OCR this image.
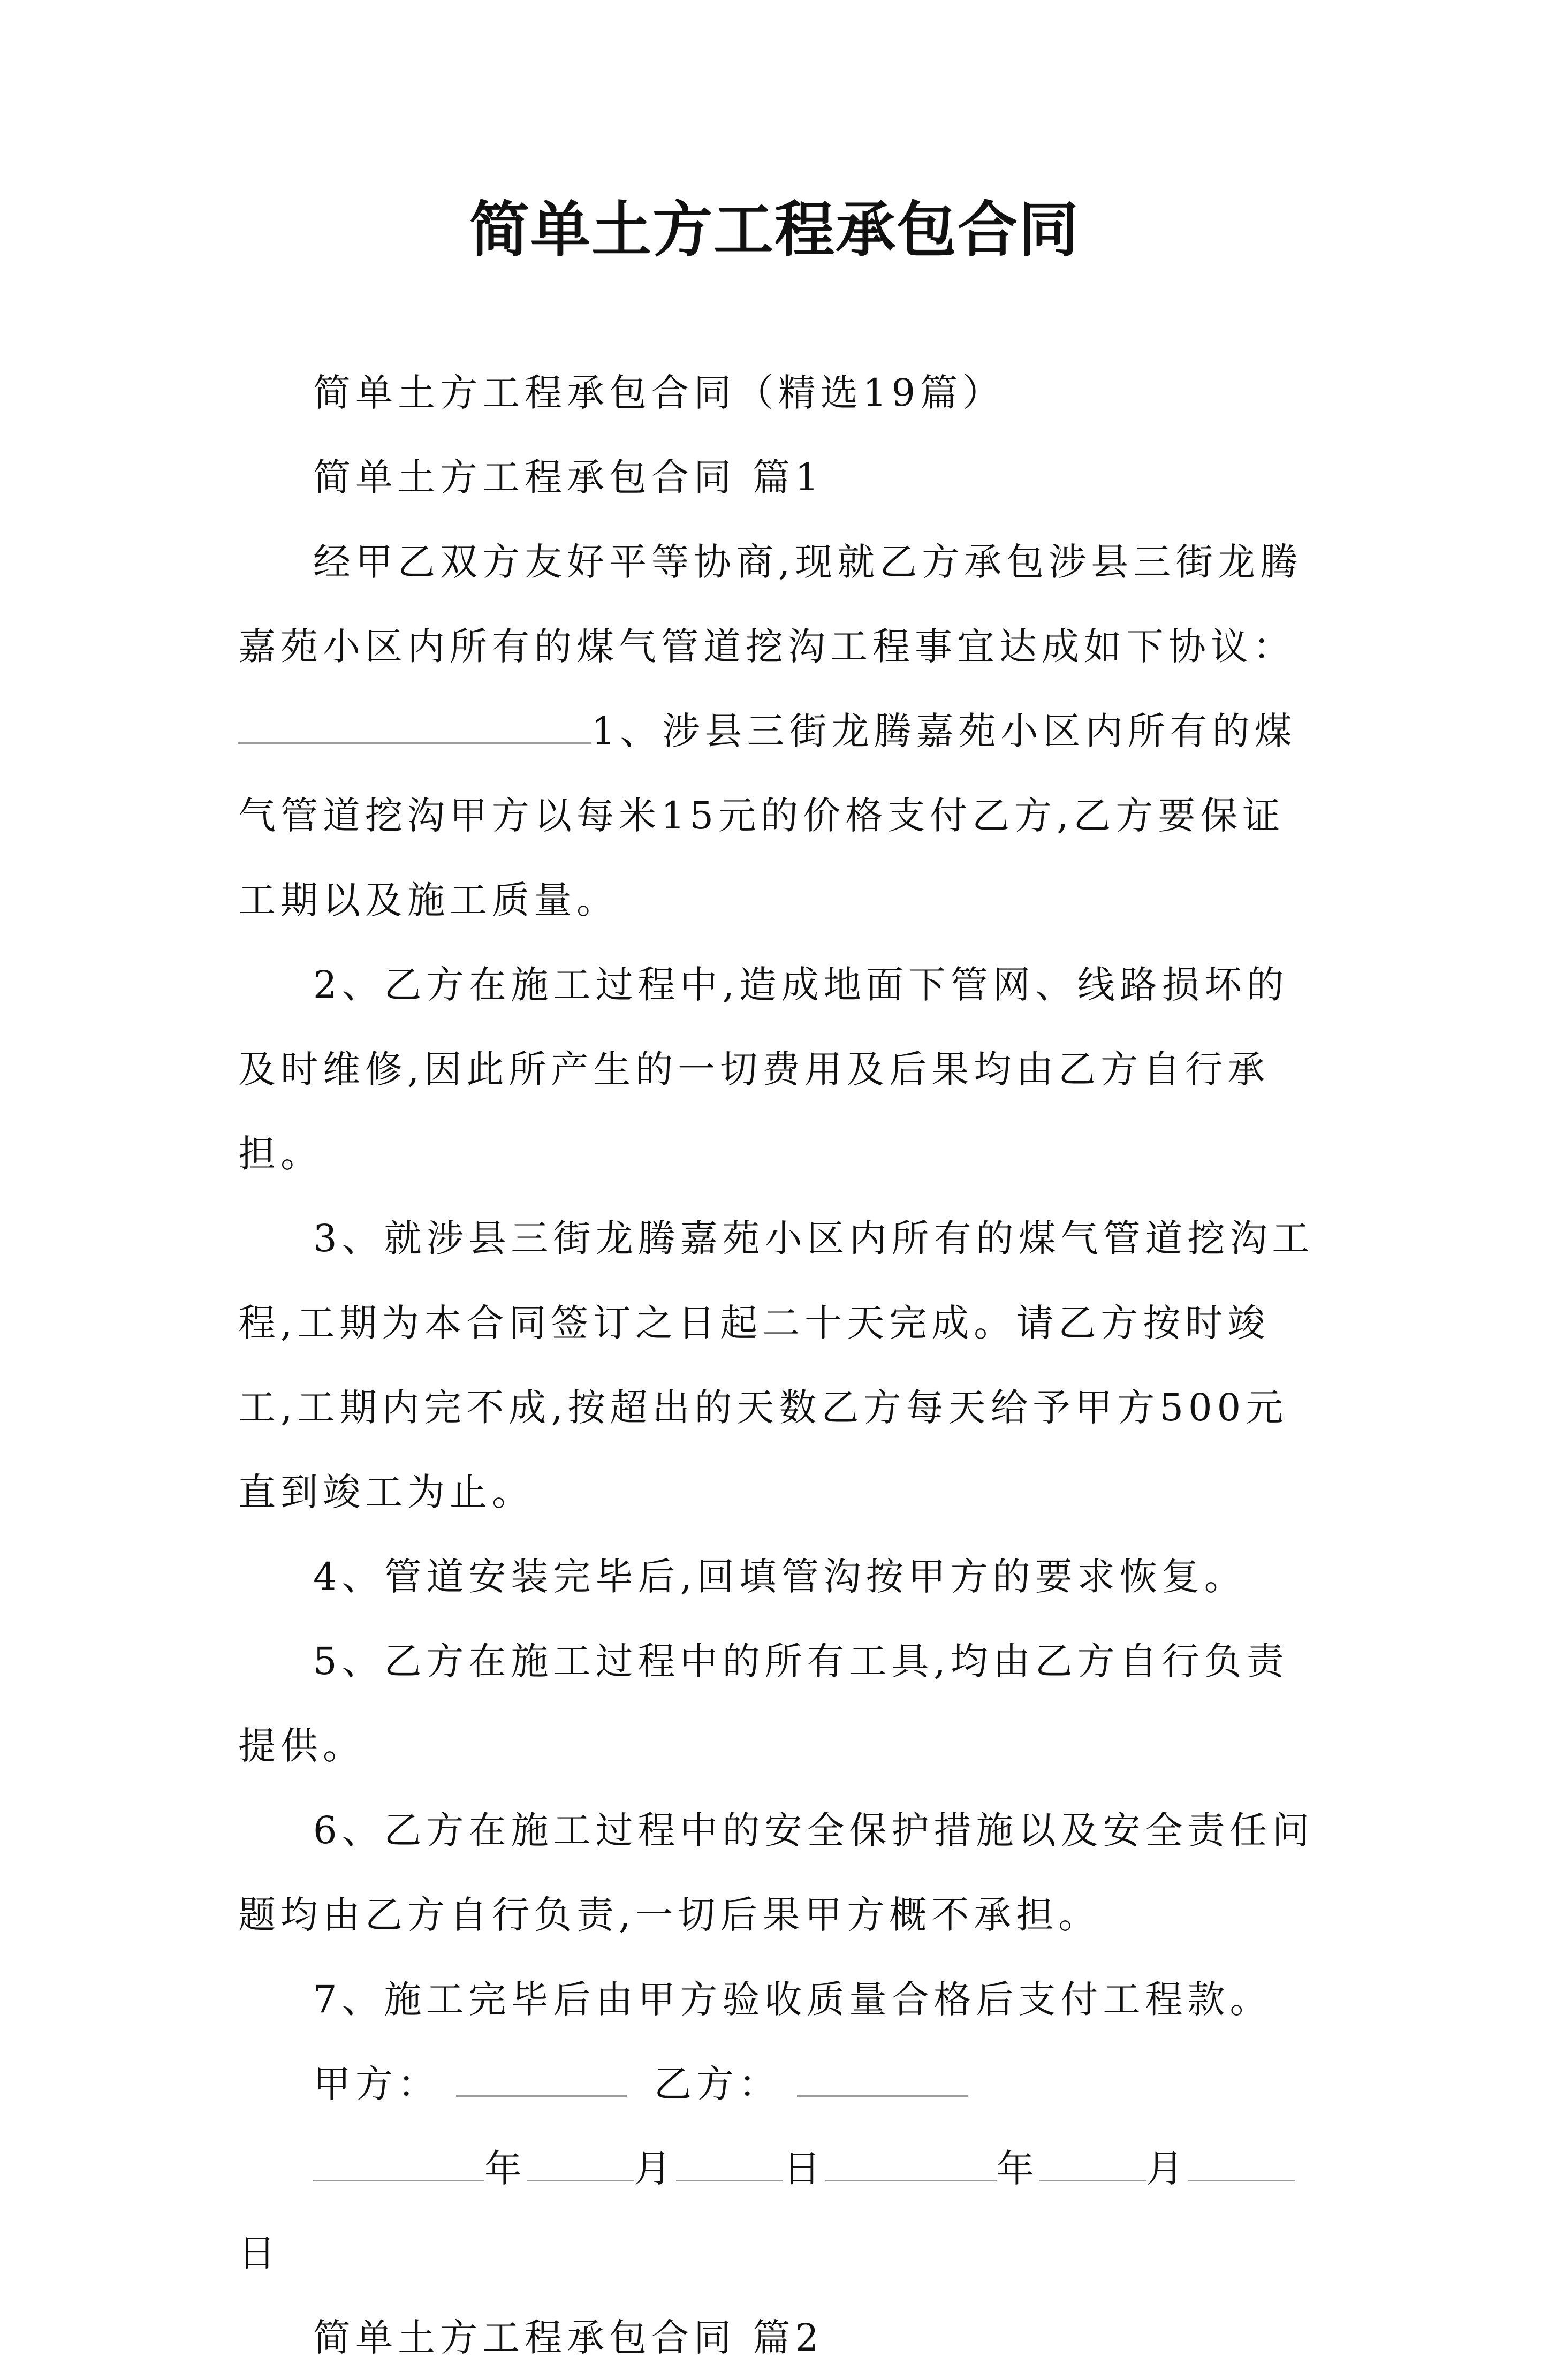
简单土方工程承包合同

简单土方工程承包合同（精选19篇）

简单土方工程承包合同 篇1

经甲乙双方友好平等协商,现就乙方承包涉县三街龙腾嘉苑小区内所有的煤气管道挖沟工程事宜达成如下协议：

1、涉县三街龙腾嘉苑小区内所有的煤气管道挖沟甲方以每米15元的价格支付乙方,乙方要保证工期以及施工质量。

2、乙方在施工过程中,造成地面下管网、线路损坏的及时维修,因此所产生的一切费用及后果均由乙方自行承担。

3、就涉县三街龙腾嘉苑小区内所有的煤气管道挖沟工程,工期为本合同签订之日起二十天完成。请乙方按时竣工,工期内完不成,按超出的天数乙方每天给予甲方500元直到竣工为止。

4、管道安装完毕后,回填管沟按甲方的要求恢复。

5、乙方在施工过程中的所有工具,均由乙方自行负责提供。

6、乙方在施工过程中的安全保护措施以及安全责任问题均由乙方自行负责,一切后果甲方概不承担。

7、施工完毕后由甲方验收质量合格后支付工程款。

甲方：	乙方：

年	月	日	年	月日

简单土方工程承包合同 篇2
